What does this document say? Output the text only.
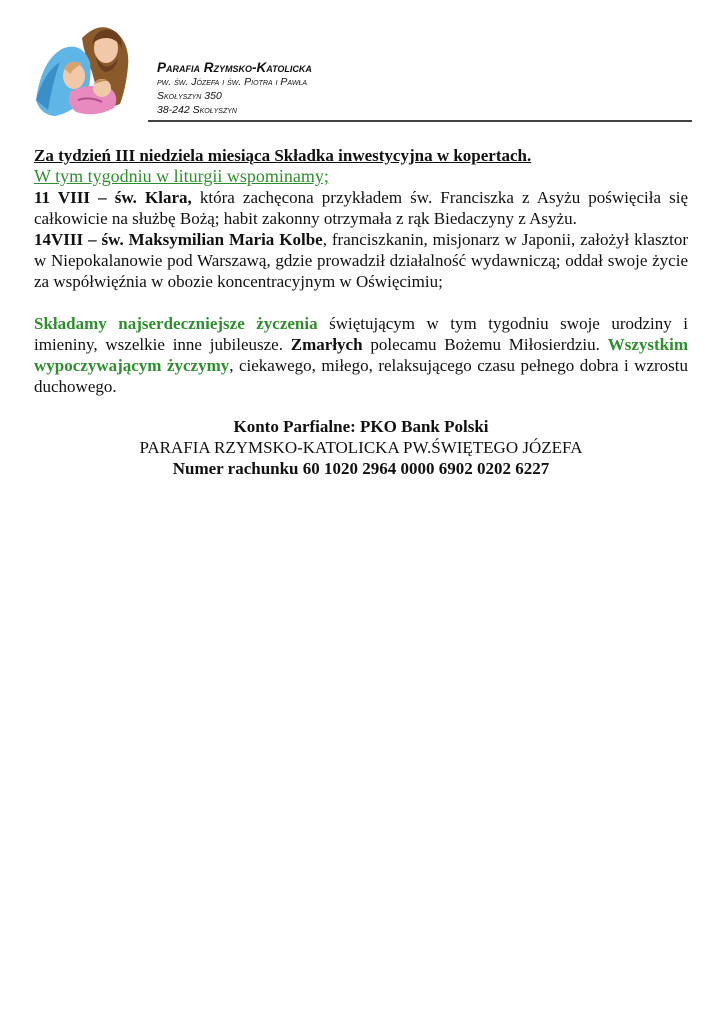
Parafia Rzymsko-Katolicka
pw. św. Józefa i św. Piotra i Pawła
Skołyszyn 350
38-242 Skołyszyn

Za tydzień III niedziela miesiąca Składka inwestycyjna w kopertach.

W tym tygodniu w liturgii wspominamy;

11 VIII – św. Klara, która zachęcona przykładem św. Franciszka z Asyżu poświęciła się całkowicie na służbę Bożą; habit zakonny otrzymała z rąk Biedaczyny z Asyżu.

14VIII – św. Maksymilian Maria Kolbe, franciszkanin, misjonarz w Japonii, założył klasztor w Niepokalanowie pod Warszawą, gdzie prowadził działalność wydawniczą; oddał swoje życie za współwięźnia w obozie koncentracyjnym w Oświęcimiu;

Składamy najserdeczniejsze życzenia świętującym w tym tygodniu swoje urodziny i imieniny, wszelkie inne jubileusze. Zmarłych polecamu Bożemu Miłosierdziu. Wszystkim wypoczywającym życzymy, ciekawego, miłego, relaksującego czasu pełnego dobra i wzrostu duchowego.

Konto Parfialne: PKO Bank Polski
PARAFIA RZYMSKO-KATOLICKA PW.ŚWIĘTEGO JÓZEFA
Numer rachunku 60 1020 2964 0000 6902 0202 6227
